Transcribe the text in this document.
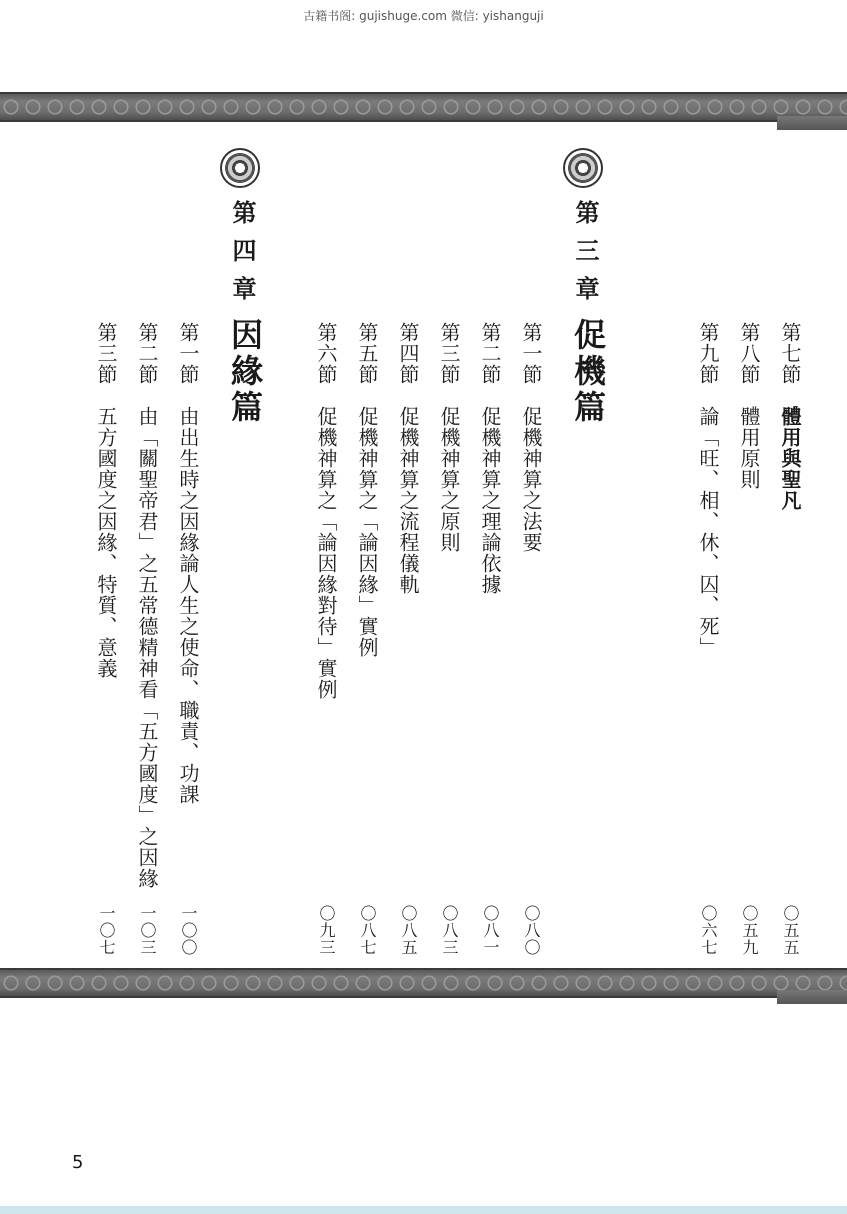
古籍书阁: gujishuge.com 微信: yishanguji
第七節　體用與聖凡
〇五五
第八節　體用原則
〇五九
第九節　論「旺、相、休、囚、死」
〇六七
第三章
促機篇
第一節　促機神算之法要
〇八〇
第二節　促機神算之理論依據
〇八一
第三節　促機神算之原則
〇八三
第四節　促機神算之流程儀軌
〇八五
第五節　促機神算之「論因緣」實例
〇八七
第六節　促機神算之「論因緣對待」實例
〇九三
第四章
因緣篇
第一節　由出生時之因緣論人生之使命、職責、功課
一〇〇
第二節　由「關聖帝君」之五常德精神看「五方國度」之因緣
一〇三
第三節　五方國度之因緣、特質、意義
一〇七
5
